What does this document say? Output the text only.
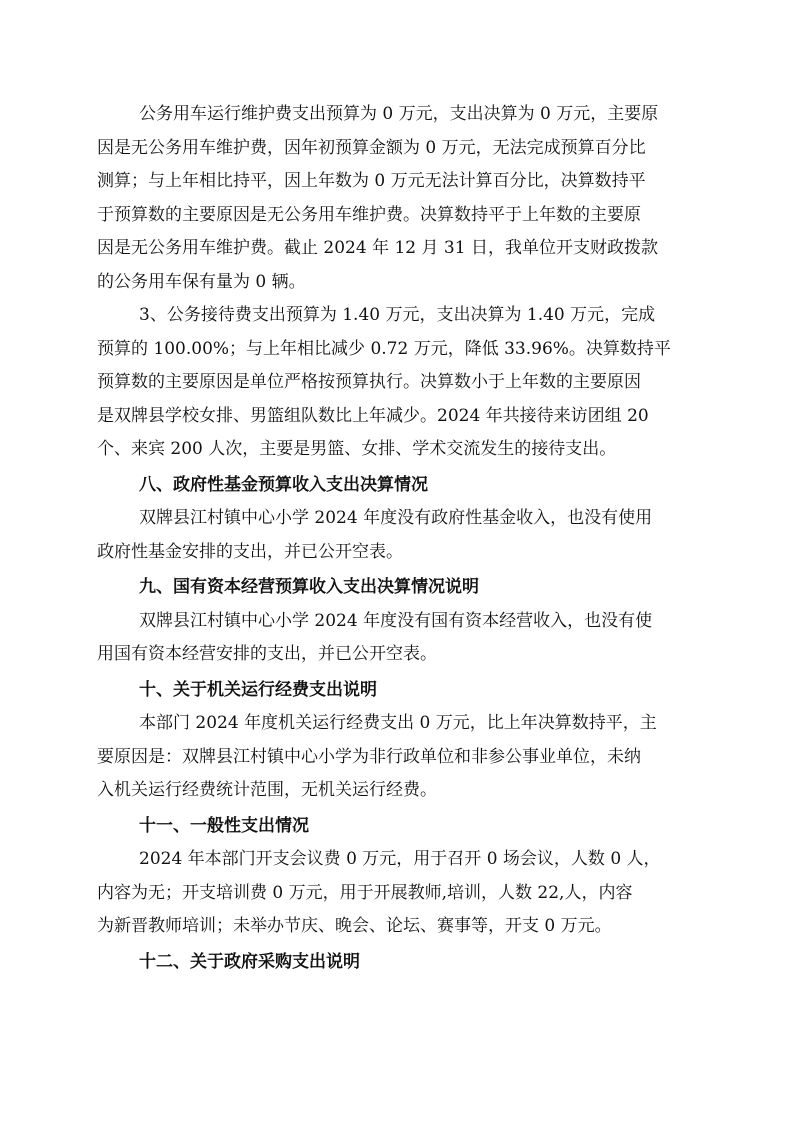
公务用车运行维护费支出预算为 0 万元，支出决算为 0 万元，主要原
因是无公务用车维护费，因年初预算金额为 0 万元，无法完成预算百分比
测算；与上年相比持平，因上年数为 0 万元无法计算百分比，决算数持平
于预算数的主要原因是无公务用车维护费。决算数持平于上年数的主要原
因是无公务用车维护费。截止 2024 年 12 月 31 日，我单位开支财政拨款
的公务用车保有量为 0 辆。

3、公务接待费支出预算为 1.40 万元，支出决算为 1.40 万元，完成
预算的 100.00%；与上年相比减少 0.72 万元，降低 33.96%。决算数持平
预算数的主要原因是单位严格按预算执行。决算数小于上年数的主要原因
是双牌县学校女排、男篮组队数比上年减少。2024 年共接待来访团组 20
个、来宾 200 人次，主要是男篮、女排、学术交流发生的接待支出。

八、政府性基金预算收入支出决算情况

双牌县江村镇中心小学 2024 年度没有政府性基金收入，也没有使用
政府性基金安排的支出，并已公开空表。

九、国有资本经营预算收入支出决算情况说明

双牌县江村镇中心小学 2024 年度没有国有资本经营收入，也没有使
用国有资本经营安排的支出，并已公开空表。

十、关于机关运行经费支出说明

本部门 2024 年度机关运行经费支出 0 万元，比上年决算数持平，主
要原因是：双牌县江村镇中心小学为非行政单位和非参公事业单位，未纳
入机关运行经费统计范围，无机关运行经费。

十一、一般性支出情况

2024 年本部门开支会议费 0 万元，用于召开 0 场会议，人数 0 人，
内容为无；开支培训费 0 万元，用于开展教师,培训，人数 22,人，内容
为新晋教师培训；未举办节庆、晚会、论坛、赛事等，开支 0 万元。

十二、关于政府采购支出说明
